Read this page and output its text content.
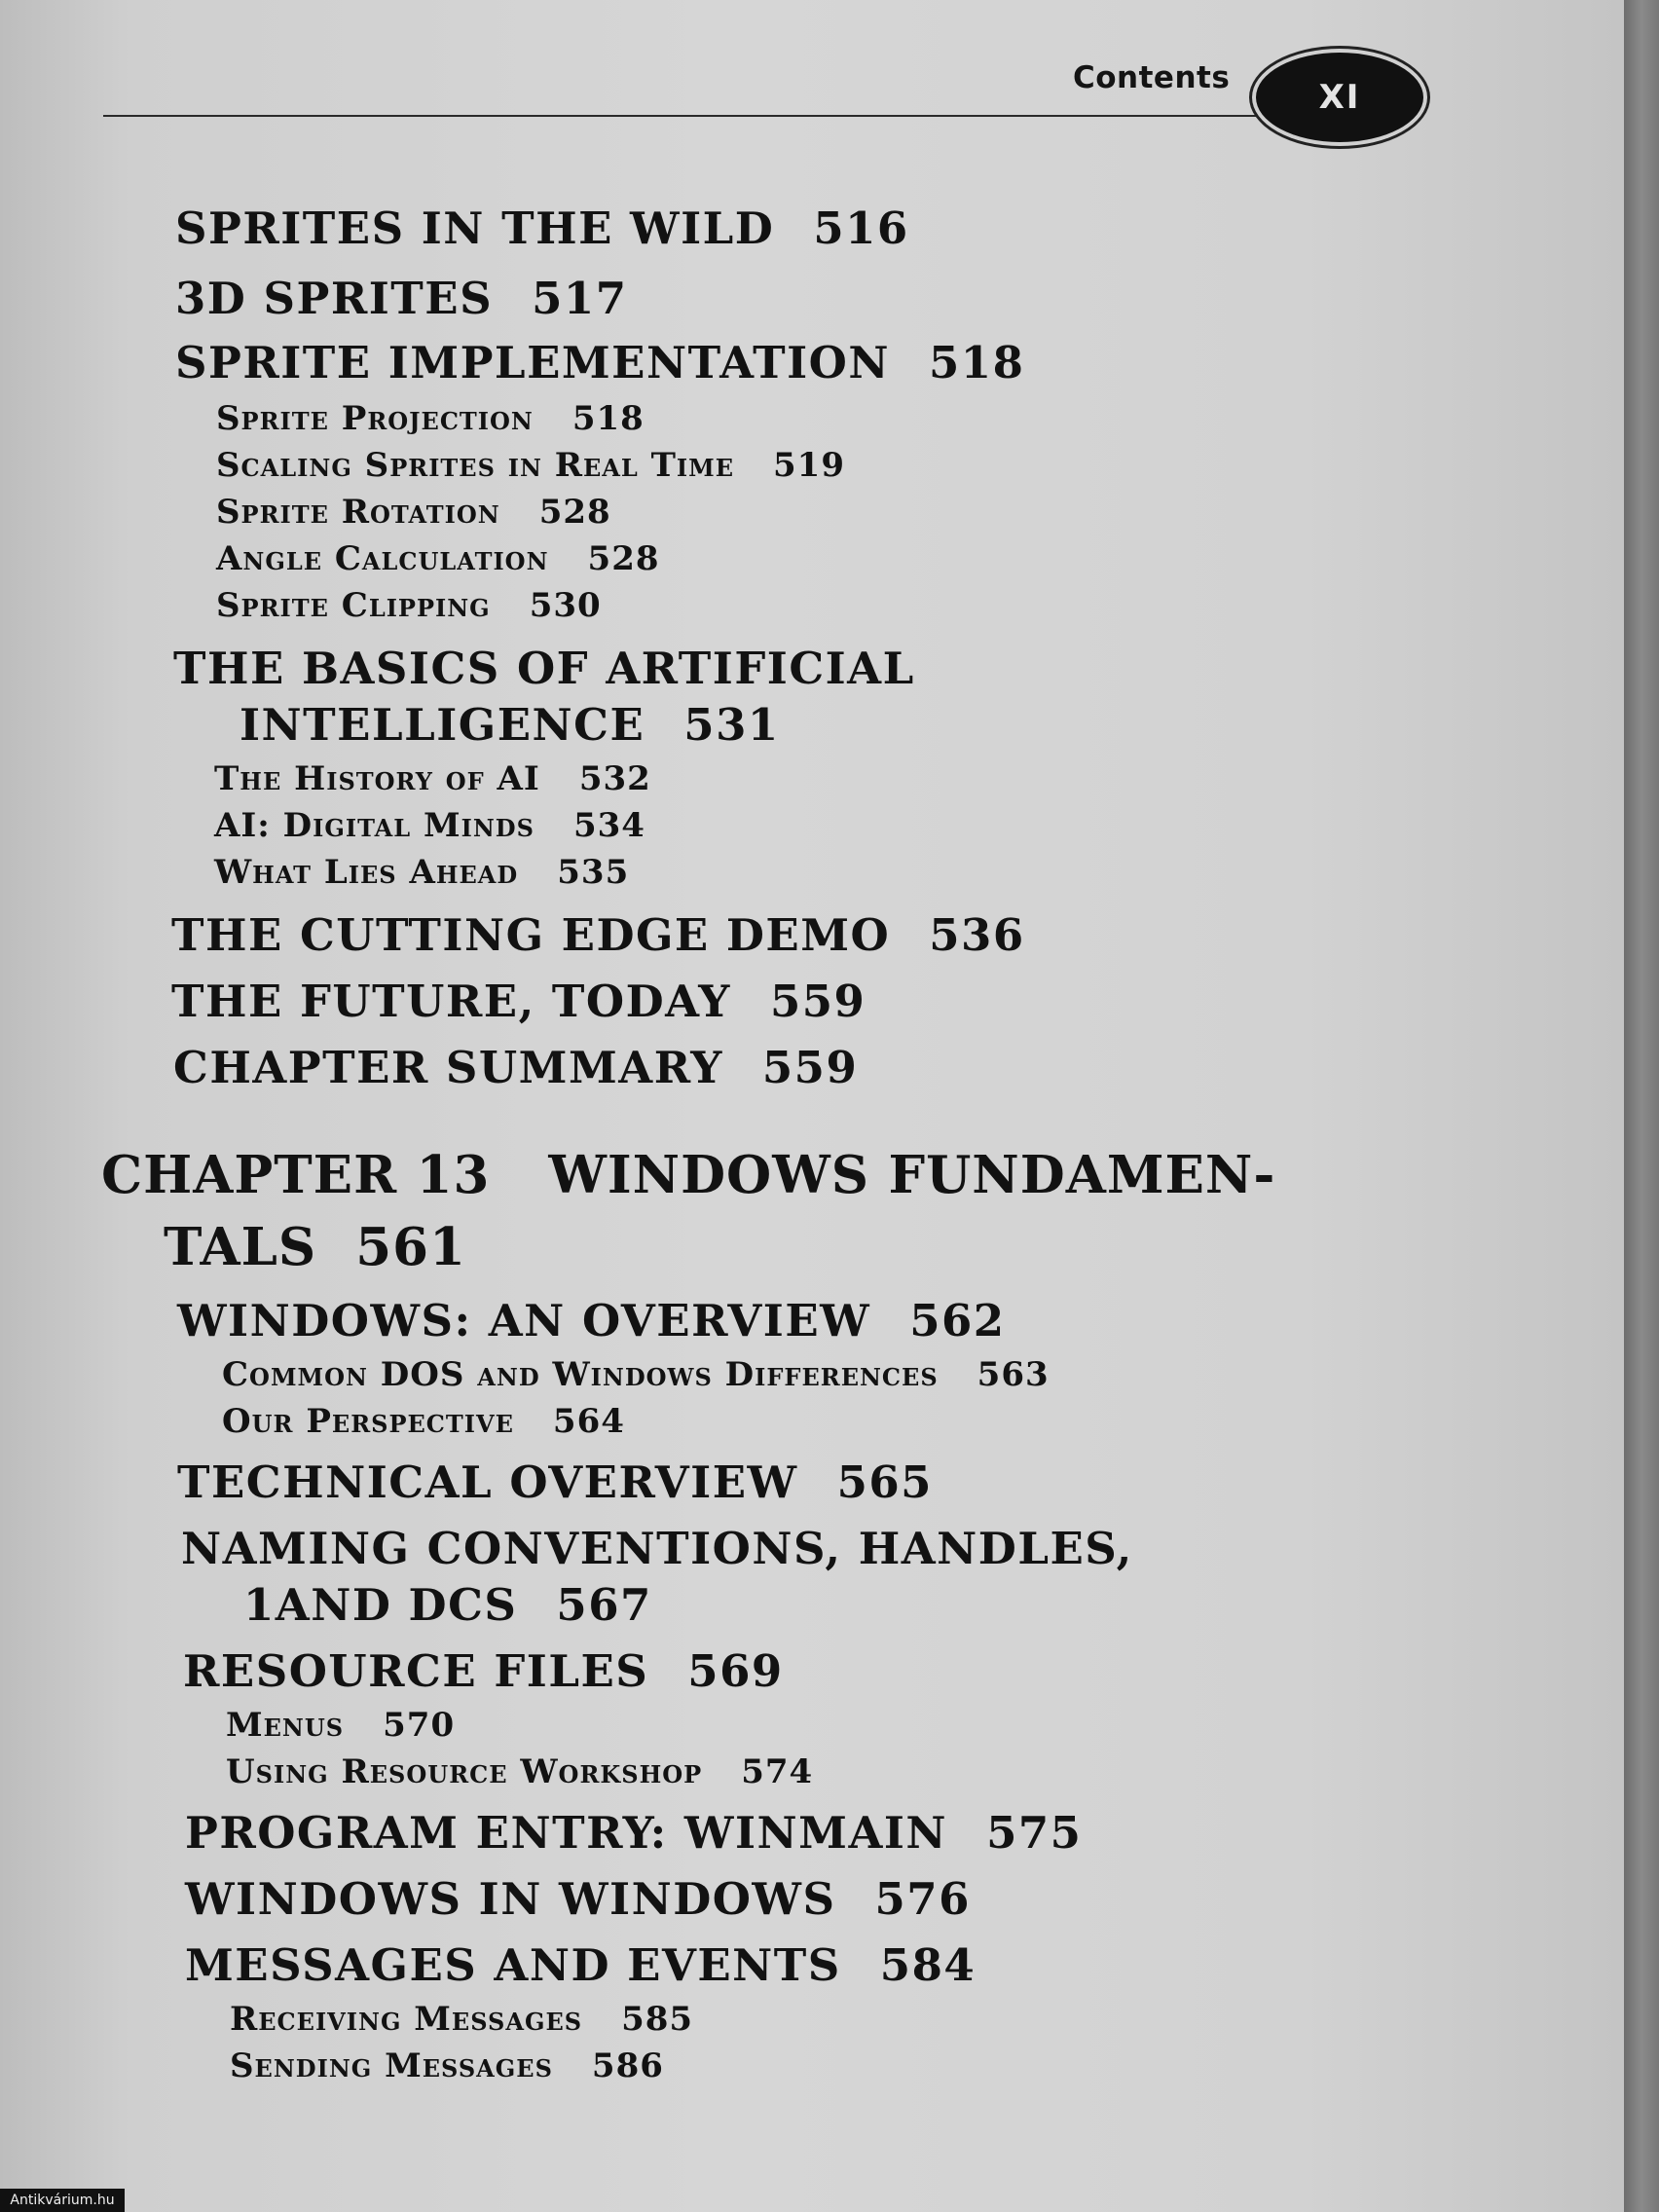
⠀
Contents	XI
SPRITES IN THE WILD 516
3D SPRITES 517
SPRITE IMPLEMENTATION 518
Sprite Projection 518
Scaling Sprites in Real Time 519
Sprite Rotation 528
Angle Calculation 528
Sprite Clipping 530
THE BASICS OF ARTIFICIAL
INTELLIGENCE 531
The History of AI 532
AI: Digital Minds 534
What Lies Ahead 535
THE CUTTING EDGE DEMO 536
THE FUTURE, TODAY 559
CHAPTER SUMMARY 559
CHAPTER 13 WINDOWS FUNDAMEN-
TALS 561
WINDOWS: AN OVERVIEW 562
Common DOS and Windows Differences 563
Our Perspective 564
TECHNICAL OVERVIEW 565
NAMING CONVENTIONS, HANDLES,
1AND DCS 567
RESOURCE FILES 569
Menus 570
Using Resource Workshop 574
PROGRAM ENTRY: WINMAIN 575
WINDOWS IN WINDOWS 576
MESSAGES AND EVENTS 584
Receiving Messages 585
Sending Messages 586
Antikvárium.hu
